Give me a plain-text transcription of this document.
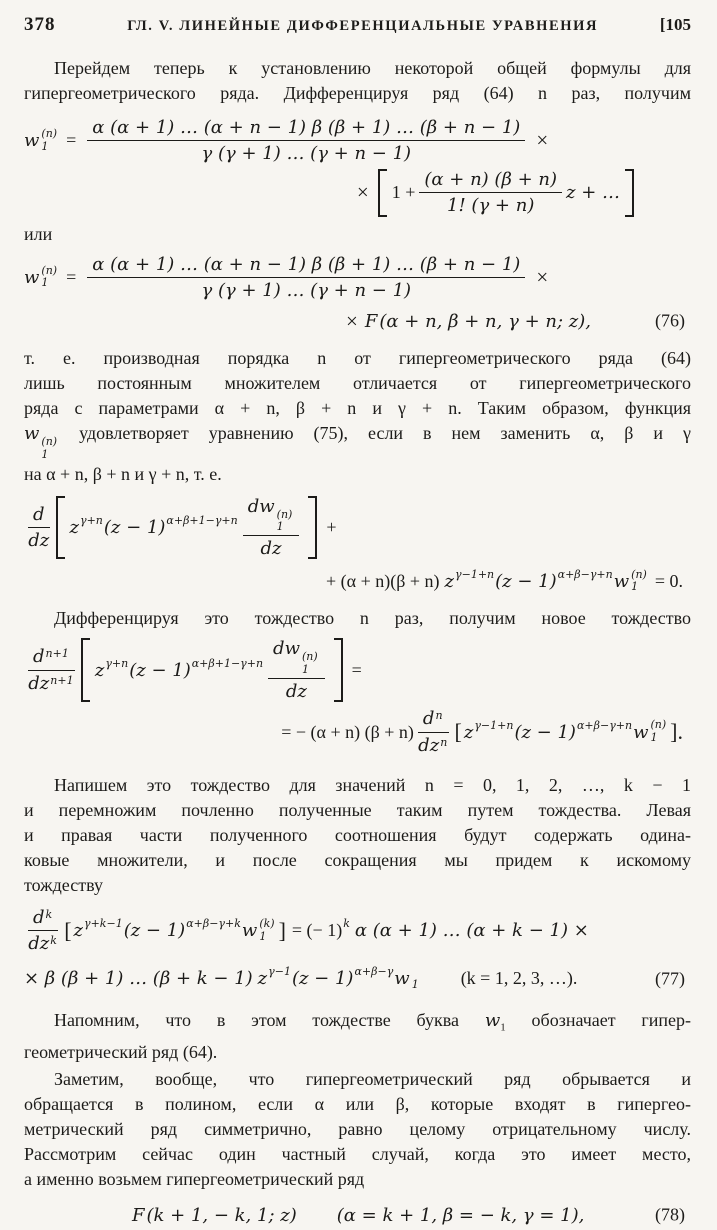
378	ГЛ. V. ЛИНЕЙНЫЕ ДИФФЕРЕНЦИАЛЬНЫЕ УРАВНЕНИЯ	[105

Перейдем теперь к установлению некоторой общей формулы для

гипергеометрического ряда. Дифференцируя ряд (64) n раз, получим

w (n)
$1 = \frac{\alpha (\alpha + 1) \dots (\alpha + n - 1) \beta (\beta + 1) \dots (\beta + n - 1)}{\gamma (\gamma + 1) \dots (\gamma + n - 1)}$ ×
× $1 + \frac{(\alpha + n) (\beta + n)}{1! (\gamma + n)}$ z + …

или

w (n)
$1 = \frac{\alpha (\alpha + 1) \dots (\alpha + n - 1) \beta (\beta + 1) \dots (\beta + n - 1)}{\gamma (\gamma + 1) \dots (\gamma + n - 1)}$ ×
× F (α + n, β + n, γ + n; z),	(76)

т. е. производная порядка n от гипергеометрического ряда (64)

лишь постоянным множителем отличается от гипергеометрического

ряда с параметрами α + n, β + n и γ + n. Таким образом, функция

w (n)
1
удовлетворяет уравнению (75), если в нем заменить α, β и γ

на α + n, β + n и γ + n, т. е.

$\frac{d}{dz}$ z γ+n (z − 1) α+β+1−γ+n dw (n)
1
dz +
+ (α + n)(β + n) z γ−1+n (z − 1) α+β−γ+n w (n)
1 = 0.

Дифференцируя это тождество n раз, получим новое тождество

$\frac{d^{n+1}}{dz^{n+1}}$ z γ+n (z − 1) α+β+1−γ+n dw (n)
1
dz =
= − (α + n) $(\beta + n) \frac{d^n}{dz^n}$ [ z γ−1+n (z − 1) α+β−γ+n w (n)
1 ].

Напишем это тождество для значений n = 0, 1, 2, …, k − 1

и перемножим почленно полученные таким путем тождества. Левая

и правая части полученного соотношения будут содержать одина-

ковые множители, и после сокращения мы придем к искомому

тождеству

$\frac{d^k}{dz^k}$ [ z γ+k−1 (z − 1) α+β−γ+k w (k)
1 ] = (− 1) k α (α + 1) … (α + k − 1) ×
× β (β + 1) … (β + k − 1) z γ−1 (z − 1) α+β−γ w
1 (k = 1, 2, 3, …).	(77)

Напомним, что в этом тождестве буква $w_1$ обозначает гипер-

геометрический ряд (64).

Заметим, вообще, что гипергеометрический ряд обрывается и

обращается в полином, если α или β, которые входят в гипергео-

метрический ряд симметрично, равно целому отрицательному числу.

Рассмотрим сейчас один частный случай, когда это имеет место,

а именно возьмем гипергеометрический ряд

F (k + 1, − k, 1; z) (α = k + 1, β = − k, γ = 1),	(78)
